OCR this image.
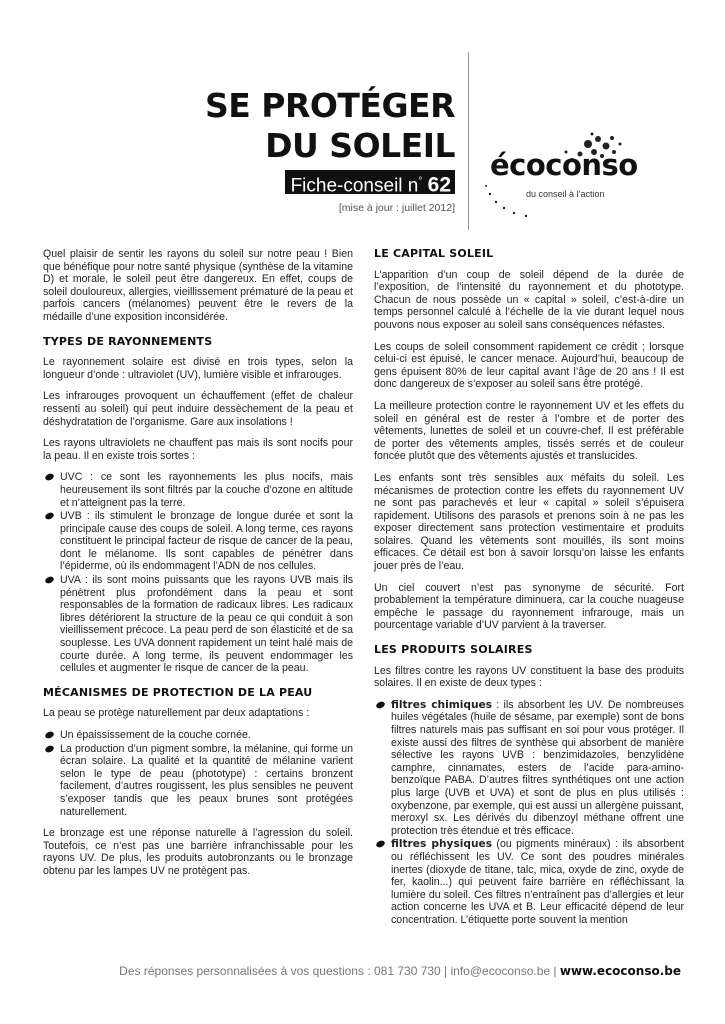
SE PROTÉGER
DU SOLEIL
Fiche-conseil n° 62
[mise à jour : juillet 2012]
écoconso
du conseil à l’action

Quel plaisir de sentir les rayons du soleil sur notre peau ! Bien que bénéfique pour notre santé physique (synthèse de la vitamine D) et morale, le soleil peut être dangereux. En effet, coups de soleil douloureux, allergies, vieillissement prématuré de la peau et parfois cancers (mélanomes) peuvent être le revers de la médaille d’une exposition inconsidérée.

TYPES DE RAYONNEMENTS

Le rayonnement solaire est divisé en trois types, selon la longueur d’onde : ultraviolet (UV), lumière visible et infrarouges.

Les infrarouges provoquent un échauffement (effet de chaleur ressenti au soleil) qui peut induire dessèchement de la peau et déshydratation de l’organisme. Gare aux insolations !

Les rayons ultraviolets ne chauffent pas mais ils sont nocifs pour la peau. Il en existe trois sortes :

UVC : ce sont les rayonnements les plus nocifs, mais heureusement ils sont filtrés par la couche d’ozone en altitude et n’atteignent pas la terre.
UVB : ils stimulent le bronzage de longue durée et sont la principale cause des coups de soleil. A long terme, ces rayons constituent le principal facteur de risque de cancer de la peau, dont le mélanome. Ils sont capables de pénétrer dans l’épiderme, où ils endommagent l’ADN de nos cellules.
UVA : ils sont moins puissants que les rayons UVB mais ils pénètrent plus profondément dans la peau et sont responsables de la formation de radicaux libres. Les radicaux libres détériorent la structure de la peau ce qui conduit à son vieillissement précoce. La peau perd de son élasticité et de sa souplesse. Les UVA donnent rapidement un teint halé mais de courte durée. A long terme, ils peuvent endommager les cellules et augmenter le risque de cancer de la peau.
MÉCANISMES DE PROTECTION DE LA PEAU

La peau se protège naturellement par deux adaptations :

Un épaississement de la couche cornée.
La production d’un pigment sombre, la mélanine, qui forme un écran solaire. La qualité et la quantité de mélanine varient selon le type de peau (phototype) : certains bronzent facilement, d’autres rougissent, les plus sensibles ne peuvent s’exposer tandis que les peaux brunes sont protégées naturellement.

Le bronzage est une réponse naturelle à l’agression du soleil. Toutefois, ce n’est pas une barrière infranchissable pour les rayons UV. De plus, les produits autobronzants ou le bronzage obtenu par les lampes UV ne protègent pas.

LE CAPITAL SOLEIL

L’apparition d’un coup de soleil dépend de la durée de l’exposition, de l’intensité du rayonnement et du phototype. Chacun de nous possède un « capital » soleil, c’est-à-dire un temps personnel calculé à l’échelle de la vie durant lequel nous pouvons nous exposer au soleil sans conséquences néfastes.

Les coups de soleil consomment rapidement ce crédit ; lorsque celui-ci est épuisé, le cancer menace. Aujourd’hui, beaucoup de gens épuisent 80% de leur capital avant l’âge de 20 ans ! Il est donc dangereux de s’exposer au soleil sans être protégé.

La meilleure protection contre le rayonnement UV et les effets du soleil en général est de rester à l’ombre et de porter des vêtements, lunettes de soleil et un couvre-chef. Il est préférable de porter des vêtements amples, tissés serrés et de couleur foncée plutôt que des vêtements ajustés et translucides.

Les enfants sont très sensibles aux méfaits du soleil. Les mécanismes de protection contre les effets du rayonnement UV ne sont pas parachevés et leur « capital » soleil s’épuisera rapidement. Utilisons des parasols et prenons soin à ne pas les exposer directement sans protection vestimentaire et produits solaires. Quand les vêtements sont mouillés, ils sont moins efficaces. Ce détail est bon à savoir lorsqu’on laisse les enfants jouer près de l’eau.

Un ciel couvert n’est pas synonyme de sécurité. Fort probablement la température diminuera, car la couche nuageuse empêche le passage du rayonnement infrarouge, mais un pourcentage variable d’UV parvient à la traverser.

LES PRODUITS SOLAIRES

Les filtres contre les rayons UV constituent la base des produits solaires. Il en existe de deux types :

filtres chimiques : ils absorbent les UV. De nombreuses huiles végétales (huile de sésame, par exemple) sont de bons filtres naturels mais pas suffisant en soi pour vous protéger. Il existe aussi des filtres de synthèse qui absorbent de manière sélective les rayons UVB : benzimidazoles, benzylidène camphre, cinnamates, esters de l’acide para-amino-benzoïque PABA. D’autres filtres synthétiques ont une action plus large (UVB et UVA) et sont de plus en plus utilisés : oxybenzone, par exemple, qui est aussi un allergène puissant, meroxyl sx. Les dérivés du dibenzoyl méthane offrent une protection très étendue et très efficace.
filtres physiques (ou pigments minéraux) : ils absorbent ou réfléchissent les UV. Ce sont des poudres minérales inertes (dioxyde de titane, talc, mica, oxyde de zinc, oxyde de fer, kaolin...) qui peuvent faire barrière en réfléchissant la lumière du soleil. Ces filtres n’entraînent pas d’allergies et leur action concerne les UVA et B. Leur efficacité dépend de leur concentration. L’étiquette porte souvent la mention
Des réponses personnalisées à vos questions : 081 730 730 | info@ecoconso.be | www.ecoconso.be
